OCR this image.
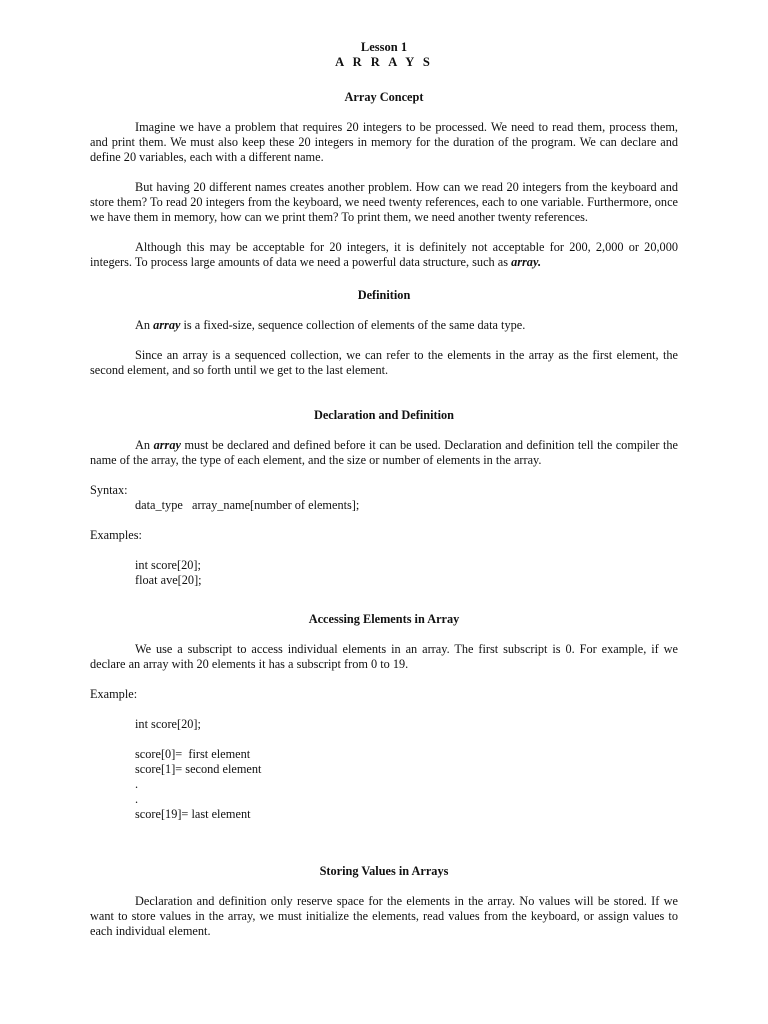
Lesson 1

A R R A Y S

Array Concept

Imagine we have a problem that requires 20 integers to be processed. We need to read them, process them, and print them. We must also keep these 20 integers in memory for the duration of the program. We can declare and define 20 variables, each with a different name.

But having 20 different names creates another problem. How can we read 20 integers from the keyboard and store them? To read 20 integers from the keyboard, we need twenty references, each to one variable. Furthermore, once we have them in memory, how can we print them? To print them, we need another twenty references.

Although this may be acceptable for 20 integers, it is definitely not acceptable for 200, 2,000 or 20,000 integers. To process large amounts of data we need a powerful data structure, such as array.

Definition

An array is a fixed-size, sequence collection of elements of the same data type.

Since an array is a sequenced collection, we can refer to the elements in the array as the first element, the second element, and so forth until we get to the last element.

Declaration and Definition

An array must be declared and defined before it can be used. Declaration and definition tell the compiler the name of the array, the type of each element, and the size or number of elements in the array.

Syntax:

data_type   array_name[number of elements];

Examples:

int score[20];

float ave[20];

Accessing Elements in Array

We use a subscript to access individual elements in an array. The first subscript is 0. For example, if we declare an array with 20 elements it has a subscript from 0 to 19.

Example:

int score[20];

score[0]=  first element

score[1]= second element

.

.

score[19]= last element

Storing Values in Arrays

Declaration and definition only reserve space for the elements in the array. No values will be stored. If we want to store values in the array, we must initialize the elements, read values from the keyboard, or assign values to each individual element.
